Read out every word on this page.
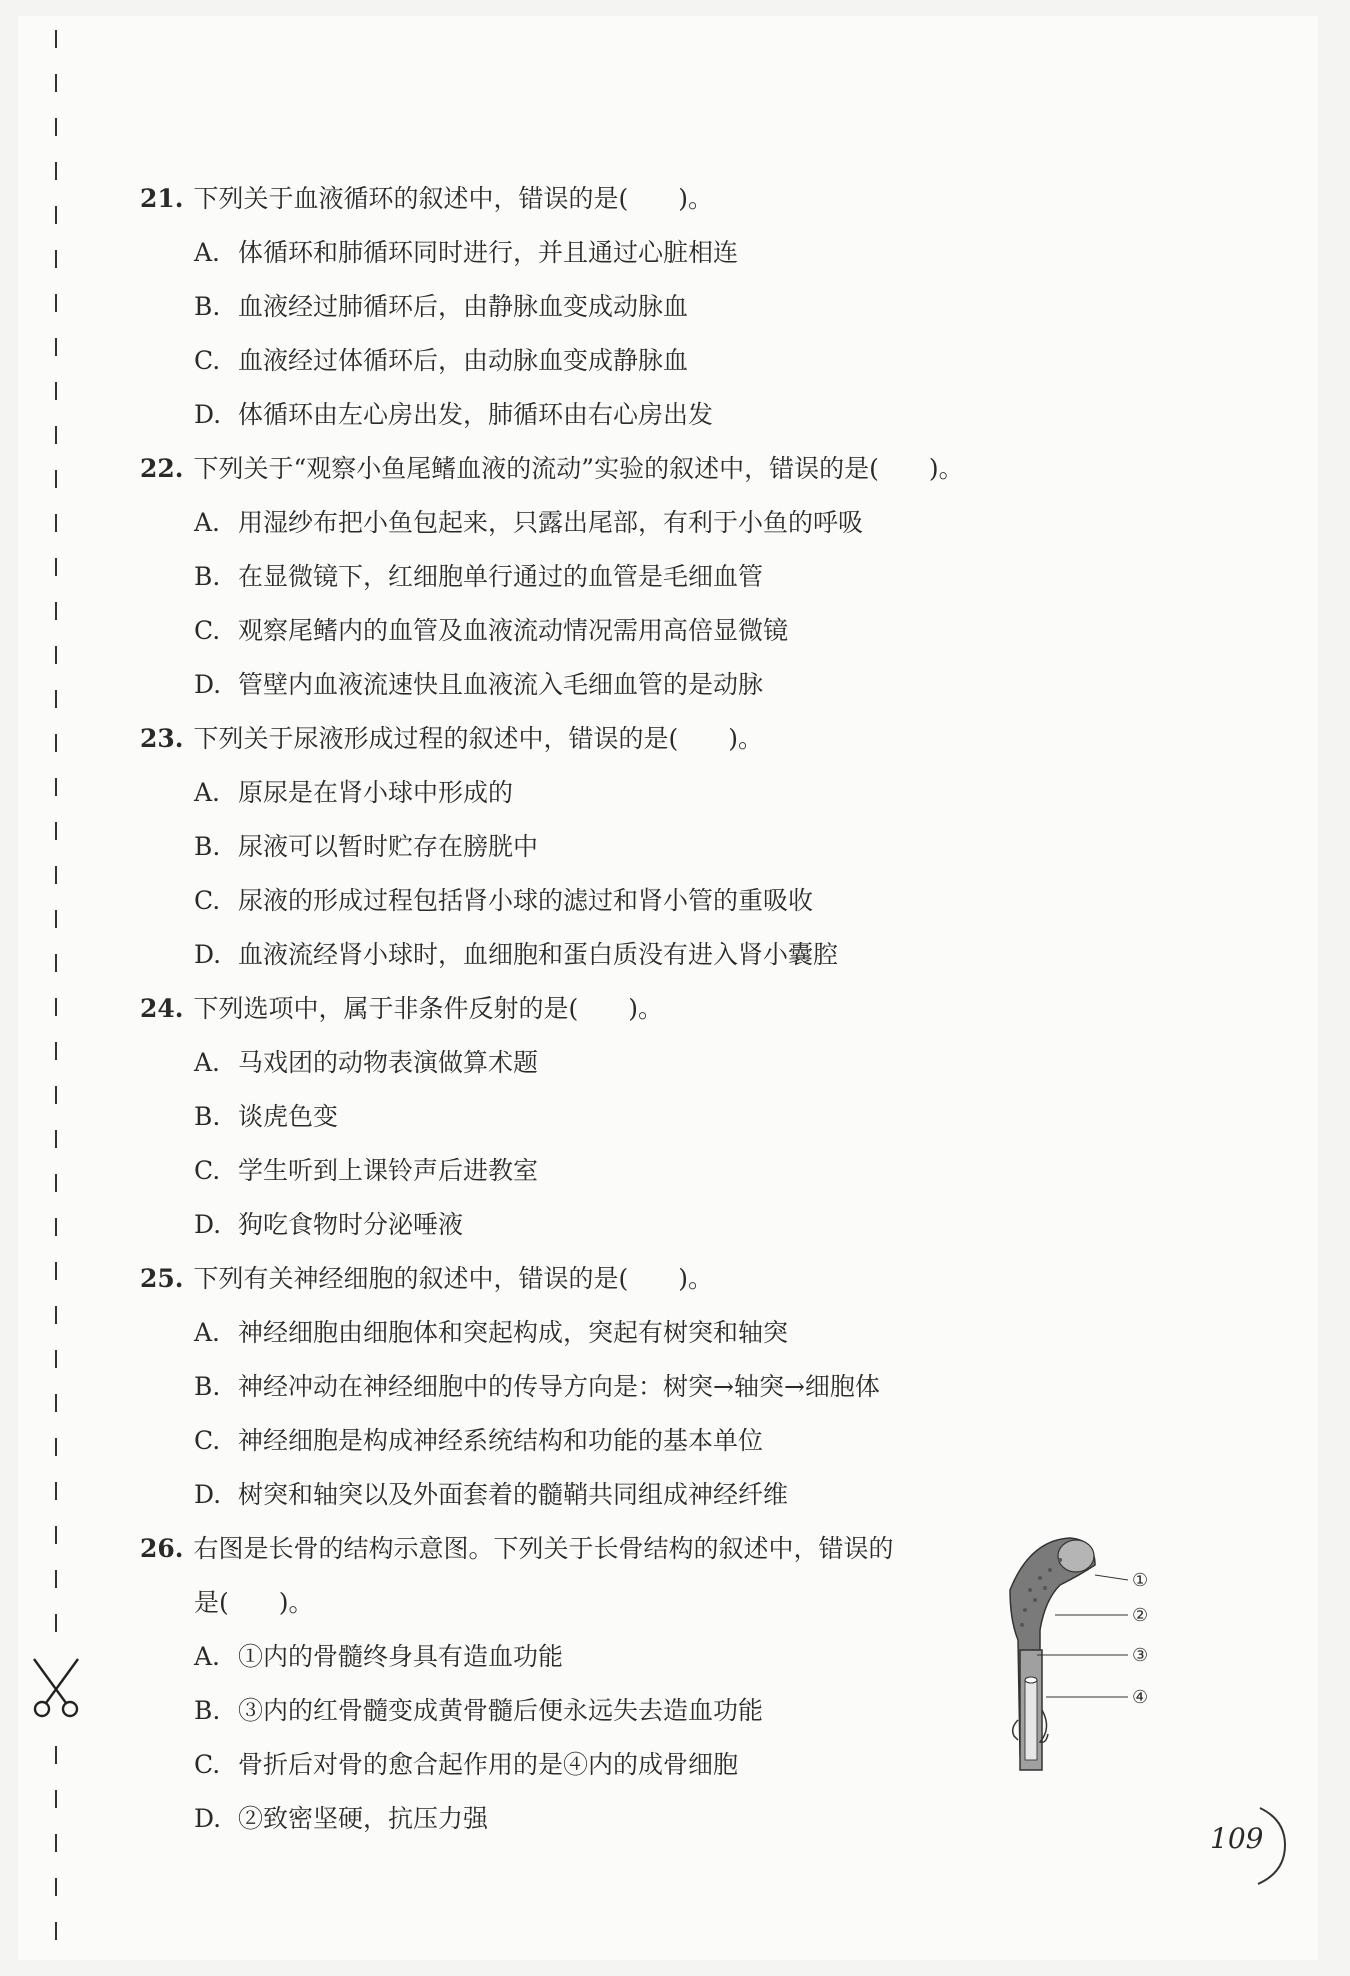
21. 下列关于血液循环的叙述中，错误的是(　　)。
A. 体循环和肺循环同时进行，并且通过心脏相连
B. 血液经过肺循环后，由静脉血变成动脉血
C. 血液经过体循环后，由动脉血变成静脉血
D. 体循环由左心房出发，肺循环由右心房出发
22. 下列关于“观察小鱼尾鳍血液的流动”实验的叙述中，错误的是(　　)。
A. 用湿纱布把小鱼包起来，只露出尾部，有利于小鱼的呼吸
B. 在显微镜下，红细胞单行通过的血管是毛细血管
C. 观察尾鳍内的血管及血液流动情况需用高倍显微镜
D. 管壁内血液流速快且血液流入毛细血管的是动脉
23. 下列关于尿液形成过程的叙述中，错误的是(　　)。
A. 原尿是在肾小球中形成的
B. 尿液可以暂时贮存在膀胱中
C. 尿液的形成过程包括肾小球的滤过和肾小管的重吸收
D. 血液流经肾小球时，血细胞和蛋白质没有进入肾小囊腔
24. 下列选项中，属于非条件反射的是(　　)。
A. 马戏团的动物表演做算术题
B. 谈虎色变
C. 学生听到上课铃声后进教室
D. 狗吃食物时分泌唾液
25. 下列有关神经细胞的叙述中，错误的是(　　)。
A. 神经细胞由细胞体和突起构成，突起有树突和轴突
B. 神经冲动在神经细胞中的传导方向是：树突→轴突→细胞体
C. 神经细胞是构成神经系统结构和功能的基本单位
D. 树突和轴突以及外面套着的髓鞘共同组成神经纤维
26. 右图是长骨的结构示意图。下列关于长骨结构的叙述中，错误的
是(　　)。
A. ①内的骨髓终身具有造血功能
B. ③内的红骨髓变成黄骨髓后便永远失去造血功能
C. 骨折后对骨的愈合起作用的是④内的成骨细胞
D. ②致密坚硬，抗压力强
①
②
③
④
109
